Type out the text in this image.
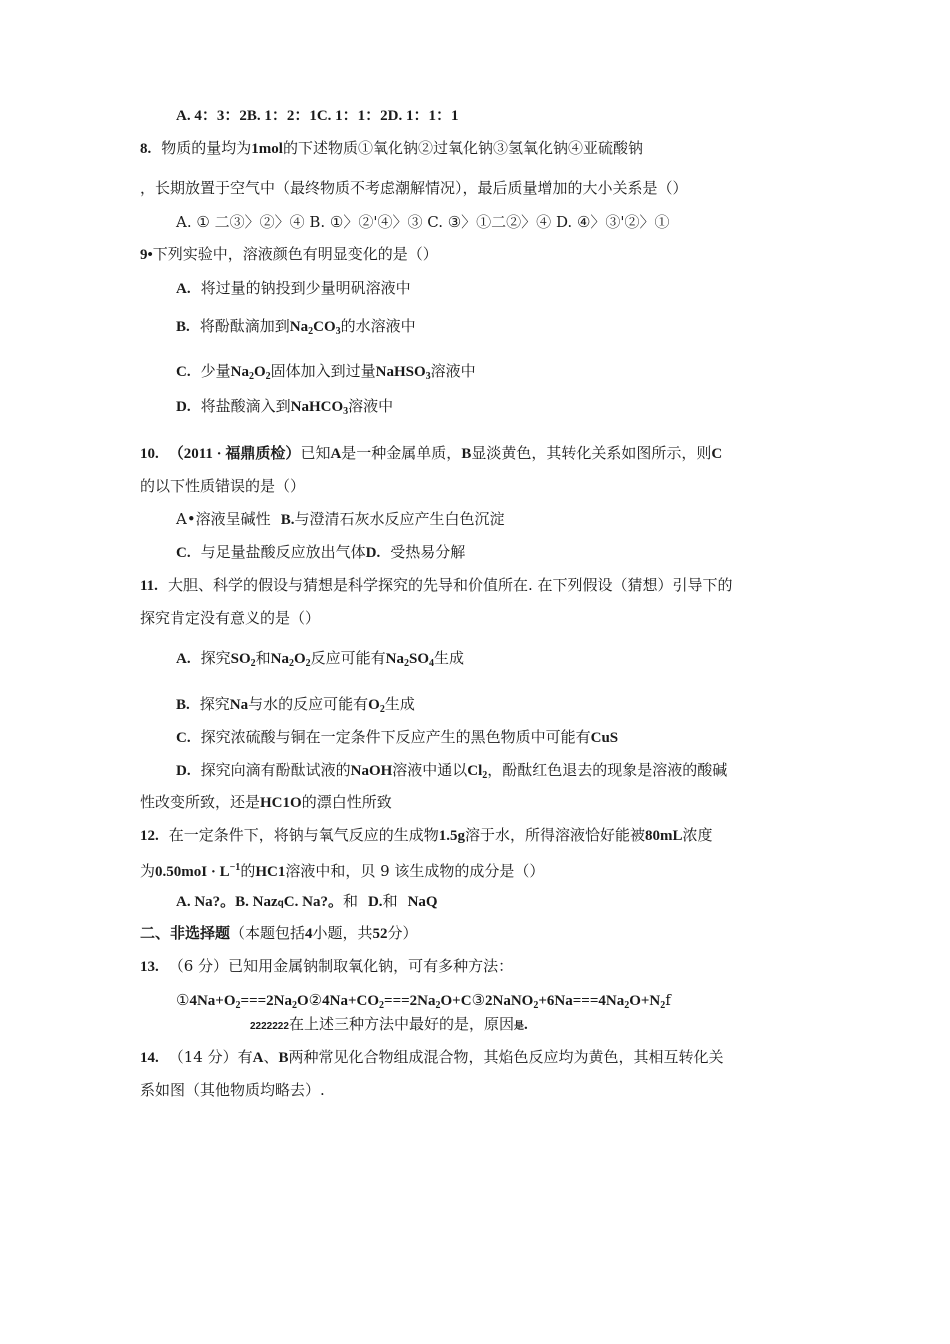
A. 4：3：2B. 1：2：1C. 1：1：2D. 1：1：1
8. 物质的量均为1mol的下述物质①氧化钠②过氧化钠③氢氧化钠④亚硫酸钠
，长期放置于空气中（最终物质不考虑潮解情况），最后质量增加的大小关系是（）
A. ① 二③〉②〉④ B. ①〉②'④〉③ C. ③〉①二②〉④ D. ④〉③'②〉①
9•下列实验中，溶液颜色有明显变化的是（）
A. 将过量的钠投到少量明矾溶液中
B. 将酚酞滴加到$Na_2CO_3$的水溶液中
C. 少量$Na_2O_2$固体加入到过量NaHSO$_3$溶液中
D. 将盐酸滴入到NaHCO$_3$溶液中
10. （2011 · 福鼎质检）已知A是一种金属单质，B显淡黄色，其转化关系如图所示，则C
的以下性质错误的是（）
A•溶液呈碱性 B.与澄清石灰水反应产生白色沉淀
C. 与足量盐酸反应放出气体D. 受热易分解
11. 大胆、科学的假设与猜想是科学探究的先导和价值所在. 在下列假设（猜想）引导下的
探究肯定没有意义的是（）
A. 探究$SO_2$和$Na_2O_2$反应可能有$Na_2SO_4$生成
B. 探究Na与水的反应可能有$O_2$生成
C. 探究浓硫酸与铜在一定条件下反应产生的黑色物质中可能有CuS
D. 探究向滴有酚酞试液的NaOH溶液中通以$Cl_2$，酚酞红色退去的现象是溶液的酸碱
性改变所致，还是HC1O的漂白性所致
12. 在一定条件下，将钠与氧气反应的生成物1.5g溶于水，所得溶液恰好能被80mL浓度
为$0.50moI \cdot L^{-1}$的HC1溶液中和，贝 9 该生成物的成分是（）
A. Na?。B. NazqC. Na?。和 D.和 NaQ
二、非选择题（本题包括4小题，共52分）
13. （6 分）已知用金属钠制取氧化钠，可有多种方法：
$①4Na+O_2===2Na_2O②4Na+CO_2===2Na_2O+C③2NaNO_2+6Na===4Na_2O+N_2f$
2222222在上述三种方法中最好的是，原因是.
14. （14 分）有A、B两种常见化合物组成混合物，其焰色反应均为黄色，其相互转化关
系如图（其他物质均略去）.
